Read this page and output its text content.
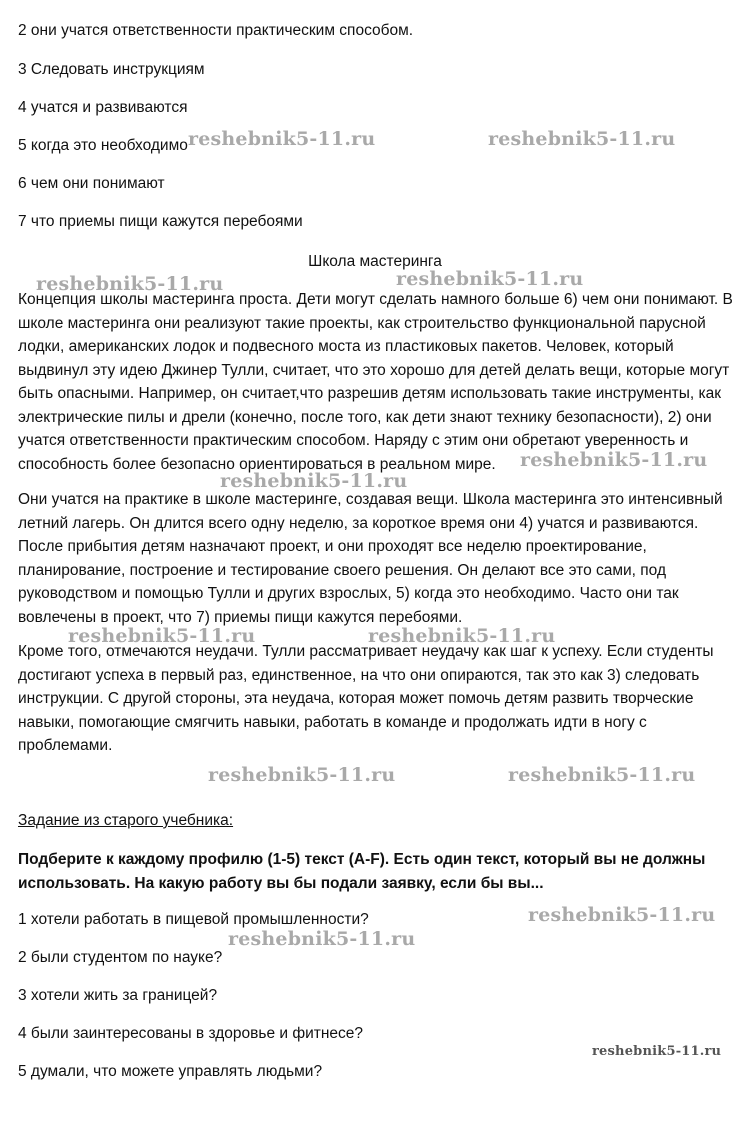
2 они учатся ответственности практическим способом.
3 Следовать инструкциям
4 учатся и развиваются
5 когда это необходимо
6 чем они понимают
7 что приемы пищи кажутся перебоями
Школа мастеринга

Концепция школы мастеринга проста. Дети могут сделать намного больше 6) чем они понимают. В школе мастеринга они реализуют такие проекты, как строительство функциональной парусной лодки, американских лодок и подвесного моста из пластиковых пакетов. Человек, который выдвинул эту идею Джинер Тулли, считает, что это хорошо для детей делать вещи, которые могут быть опасными. Например, он считает,что разрешив детям использовать такие инструменты, как электрические пилы и дрели (конечно, после того, как дети знают технику безопасности), 2) они учатся ответственности практическим способом. Наряду с этим они обретают уверенность и способность более безопасно ориентироваться в реальном мире.

Они учатся на практике в школе мастеринге, создавая вещи. Школа мастеринга это интенсивный летний лагерь. Он длится всего одну неделю, за короткое время они 4) учатся и развиваются. После прибытия детям назначают проект, и они проходят все неделю проектирование, планирование, построение и тестирование своего решения. Он делают все это сами, под руководством и помощью Тулли и других взрослых, 5) когда это необходимо. Часто они так вовлечены в проект, что 7) приемы пищи кажутся перебоями.

Кроме того, отмечаются неудачи. Тулли рассматривает неудачу как шаг к успеху. Если студенты достигают успеха в первый раз, единственное, на что они опираются, так это как 3) следовать инструкции. С другой стороны, эта неудача, которая может помочь детям развить творческие навыки, помогающие смягчить навыки, работать в команде и продолжать идти в ногу с проблемами.

Задание из старого учебника:

Подберите к каждому профилю (1-5) текст (A-F). Есть один текст, который вы не должны использовать. На какую работу вы бы подали заявку, если бы вы...

1 хотели работать в пищевой промышленности?
2 были студентом по науке?
3 хотели жить за границей?
4 были заинтересованы в здоровье и фитнесе?
5 думали, что можете управлять людьми?
reshebnik5-11.ru	reshebnik5-11.ru
reshebnik5-11.ru	reshebnik5-11.ru
reshebnik5-11.ru
reshebnik5-11.ru
reshebnik5-11.ru	reshebnik5-11.ru
reshebnik5-11.ru	reshebnik5-11.ru
reshebnik5-11.ru
reshebnik5-11.ru
reshebnik5-11.ru
